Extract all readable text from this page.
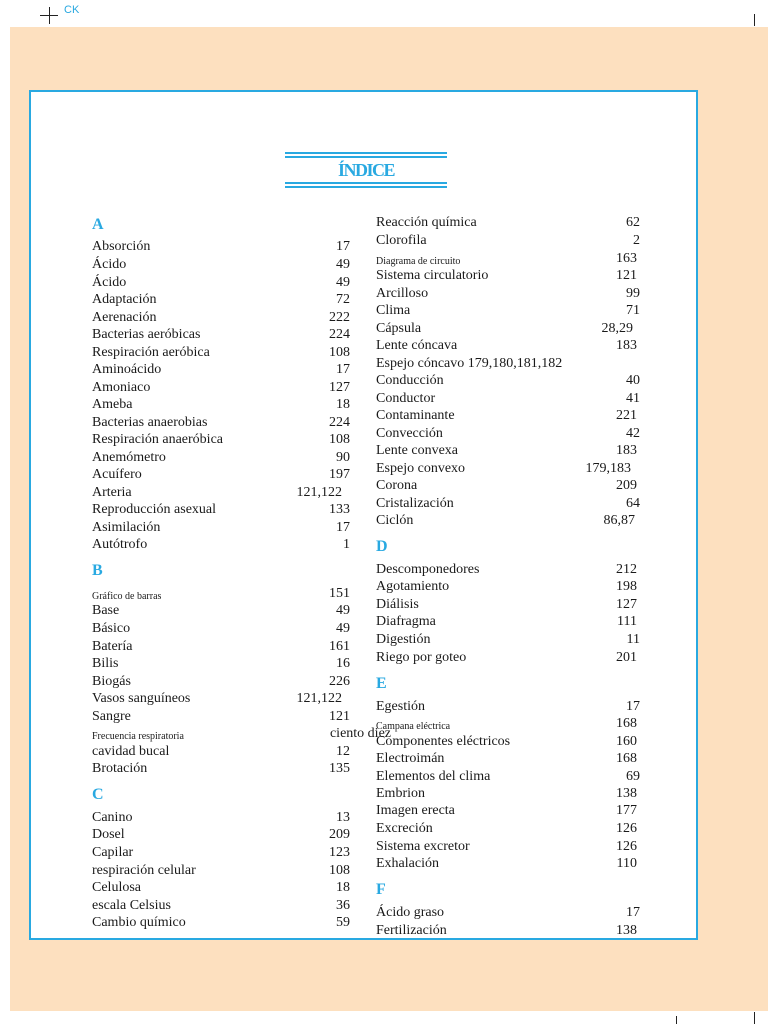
CK
ÍNDICE
A
Absorción	17
Ácido	49
Ácido	49
Adaptación	72
Aerenación	222
Bacterias aeróbicas	224
Respiración aeróbica	108
Aminoácido	17
Amoniaco	127
Ameba	18
Bacterias anaerobias	224
Respiración anaeróbica	108
Anemómetro	90
Acuífero	197
Arteria	121,122
Reproducción asexual	133
Asimilación	17
Autótrofo	1
B
Gráfico de barras	151
Base	49
Básico	49
Batería	161
Bilis	16
Biogás	226
Vasos sanguíneos	121,122
Sangre	121
Frecuencia respiratoria	ciento diez
cavidad bucal	12
Brotación	135
C
Canino	13
Dosel	209
Capilar	123
respiración celular	108
Celulosa	18
escala Celsius	36
Cambio químico	59
Reacción química	62
Clorofila	2
Diagrama de circuito	163
Sistema circulatorio	121
Arcilloso	99
Clima	71
Cápsula	28,29
Lente cóncava	183
Espejo cóncavo 179,180,181,182
Conducción	40
Conductor	41
Contaminante	221
Convección	42
Lente convexa	183
Espejo convexo	179,183
Corona	209
Cristalización	64
Ciclón	86,87
D
Descomponedores	212
Agotamiento	198
Diálisis	127
Diafragma	111
Digestión	11
Riego por goteo	201
E
Egestión	17
Campana eléctrica	168
Componentes eléctricos	160
Electroimán	168
Elementos del clima	69
Embrion	138
Imagen erecta	177
Excreción	126
Sistema excretor	126
Exhalación	110
F
Ácido graso	17
Fertilización	138
